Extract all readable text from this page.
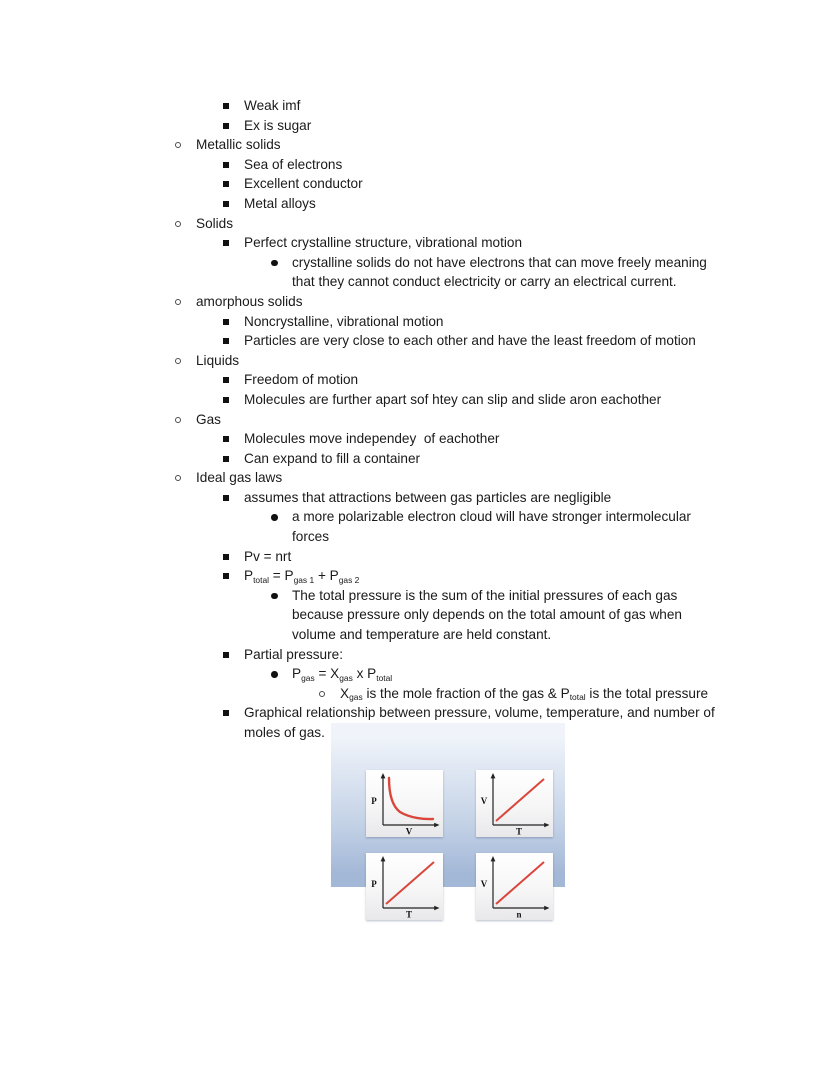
Weak imf
Ex is sugar
Metallic solids
Sea of electrons
Excellent conductor
Metal alloys
Solids
Perfect crystalline structure, vibrational motion
crystalline solids do not have electrons that can move freely meaning that they cannot conduct electricity or carry an electrical current.
amorphous solids
Noncrystalline, vibrational motion
Particles are very close to each other and have the least freedom of motion
Liquids
Freedom of motion
Molecules are further apart sof htey can slip and slide aron eachother
Gas
Molecules move independey  of eachother
Can expand to fill a container
Ideal gas laws
assumes that attractions between gas particles are negligible
a more polarizable electron cloud will have stronger intermolecular forces
Pv = nrt
$P_{total} = P_{gas 1} + P_{gas 2}$
The total pressure is the sum of the initial pressures of each gas because pressure only depends on the total amount of gas when volume and temperature are held constant.
Partial pressure:
$P_{gas} = X_{gas}$ x $P_{total}$
$X_{gas}$ is the mole fraction of the gas & $P_{total}$ is the total pressure
Graphical relationship between pressure, volume, temperature, and number of moles of gas.

P
V
V
T
P
T
V
n
